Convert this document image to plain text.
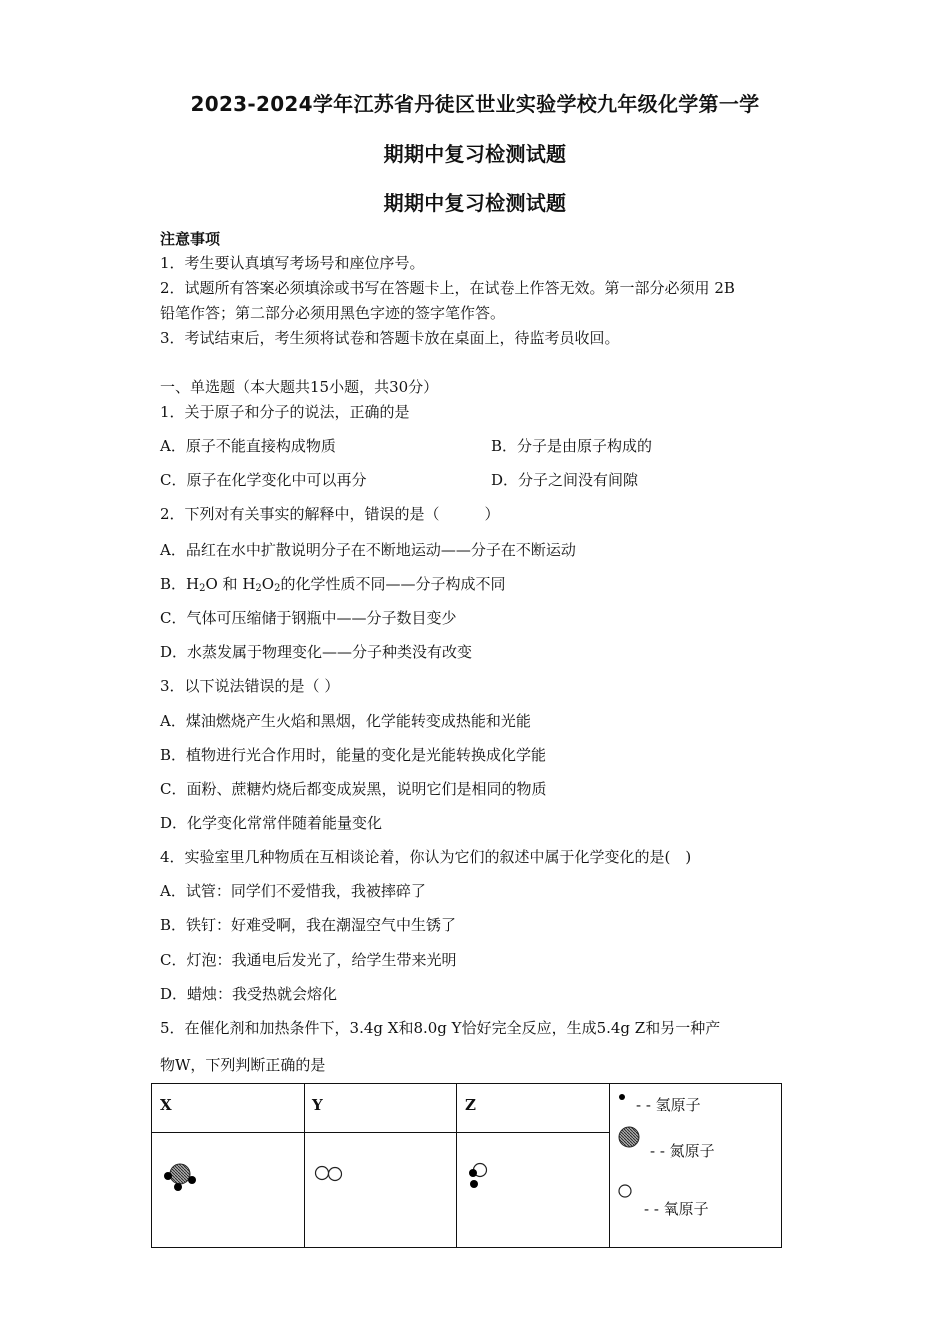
2023-2024学年江苏省丹徒区世业实验学校九年级化学第一学
期期中复习检测试题
期期中复习检测试题
注意事项
1．考生要认真填写考场号和座位序号。
2．试题所有答案必须填涂或书写在答题卡上，在试卷上作答无效。第一部分必须用 2B
铅笔作答；第二部分必须用黑色字迹的签字笔作答。
3．考试结束后，考生须将试卷和答题卡放在桌面上，待监考员收回。
一、单选题（本大题共15小题，共30分）
1．关于原子和分子的说法，正确的是
A．原子不能直接构成物质	B．分子是由原子构成的
C．原子在化学变化中可以再分	D．分子之间没有间隙
2．下列对有关事实的解释中，错误的是（　　　）
A．品红在水中扩散说明分子在不断地运动——分子在不断运动
B．$H_2O$ 和 $H_2O_2$的化学性质不同——分子构成不同
C．气体可压缩储于钢瓶中——分子数目变少
D．水蒸发属于物理变化——分子种类没有改变
3．以下说法错误的是（ ）
A．煤油燃烧产生火焰和黑烟，化学能转变成热能和光能
B．植物进行光合作用时，能量的变化是光能转换成化学能
C．面粉、蔗糖灼烧后都变成炭黑，说明它们是相同的物质
D．化学变化常常伴随着能量变化
4．实验室里几种物质在互相谈论着，你认为它们的叙述中属于化学变化的是(　)
A．试管：同学们不爱惜我，我被摔碎了
B．铁钉：好难受啊，我在潮湿空气中生锈了
C．灯泡：我通电后发光了，给学生带来光明
D．蜡烛：我受热就会熔化
5．在催化剂和加热条件下，3.4g X和8.0g Y恰好完全反应，生成5.4g Z和另一种产
物W，下列判断正确的是
X	Y	Z	- - 氢原子
- - 氮原子
- - 氧原子
